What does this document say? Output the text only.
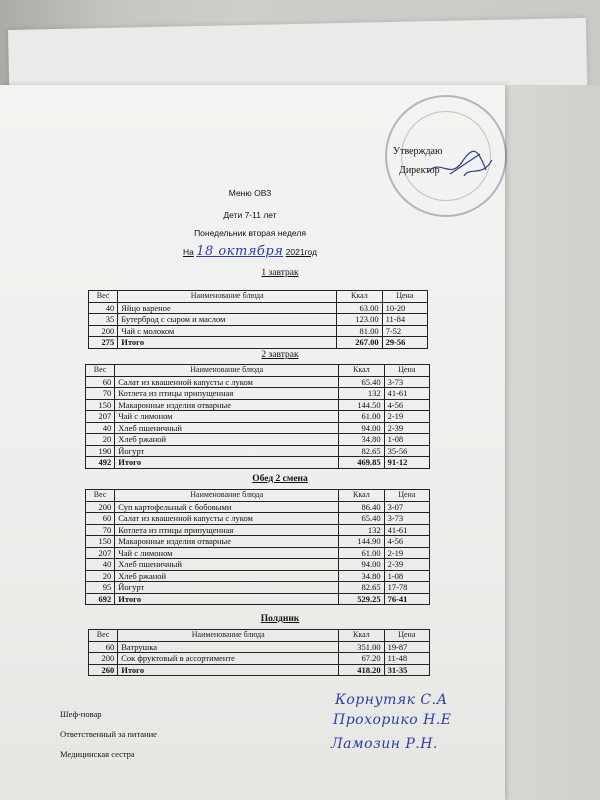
Утверждаю
Директор
Меню ОВЗ
Дети 7-11 лет
Понедельник вторая неделя
На 18 октября 2021год
1 завтрак
Вес	Наименование блюда	Ккал	Цена
40	Яйцо вареное	63.00	10-20
35	Бутерброд с сыром и маслом	123.00	11-84
200	Чай с молоком	81.00	7-52
275	Итого	267.00	29-56
2 завтрак
Вес	Наименование блюда	Ккал	Цена
60	Салат из квашенной капусты с луком	65.40	3-73
70	Котлета из птицы припущенная	132	41-61
150	Макаронные изделия отварные	144.50	4-56
207	Чай с лимоном	61.00	2-19
40	Хлеб пшеничный	94.00	2-39
20	Хлеб ржаной	34.80	1-08
190	Йогурт	82.65	35-56
492	Итого	469.85	91-12
Обед 2 смена
Вес	Наименование блюда	Ккал	Цена
200	Суп картофельный с бобовыми	86.40	3-07
60	Салат из квашенной капусты с луком	65.40	3-73
70	Котлета из птицы припущенная	132	41-61
150	Макаронные изделия отварные	144.90	4-56
207	Чай с лимоном	61.00	2-19
40	Хлеб пшеничный	94.00	2-39
20	Хлеб ржаной	34.80	1-08
95	Йогурт	82.65	17-78
692	Итого	529.25	76-41
Полдник
Вес	Наименование блюда	Ккал	Цена
60	Ватрушка	351.00	19-87
200	Сок фруктовый в ассортименте	67.20	11-48
260	Итого	418.20	31-35
Шеф-повар
Ответственный за питание
Медицинская сестра
Корнутяк С.А
Прохорико Н.Е
Ламозин Р.Н.
